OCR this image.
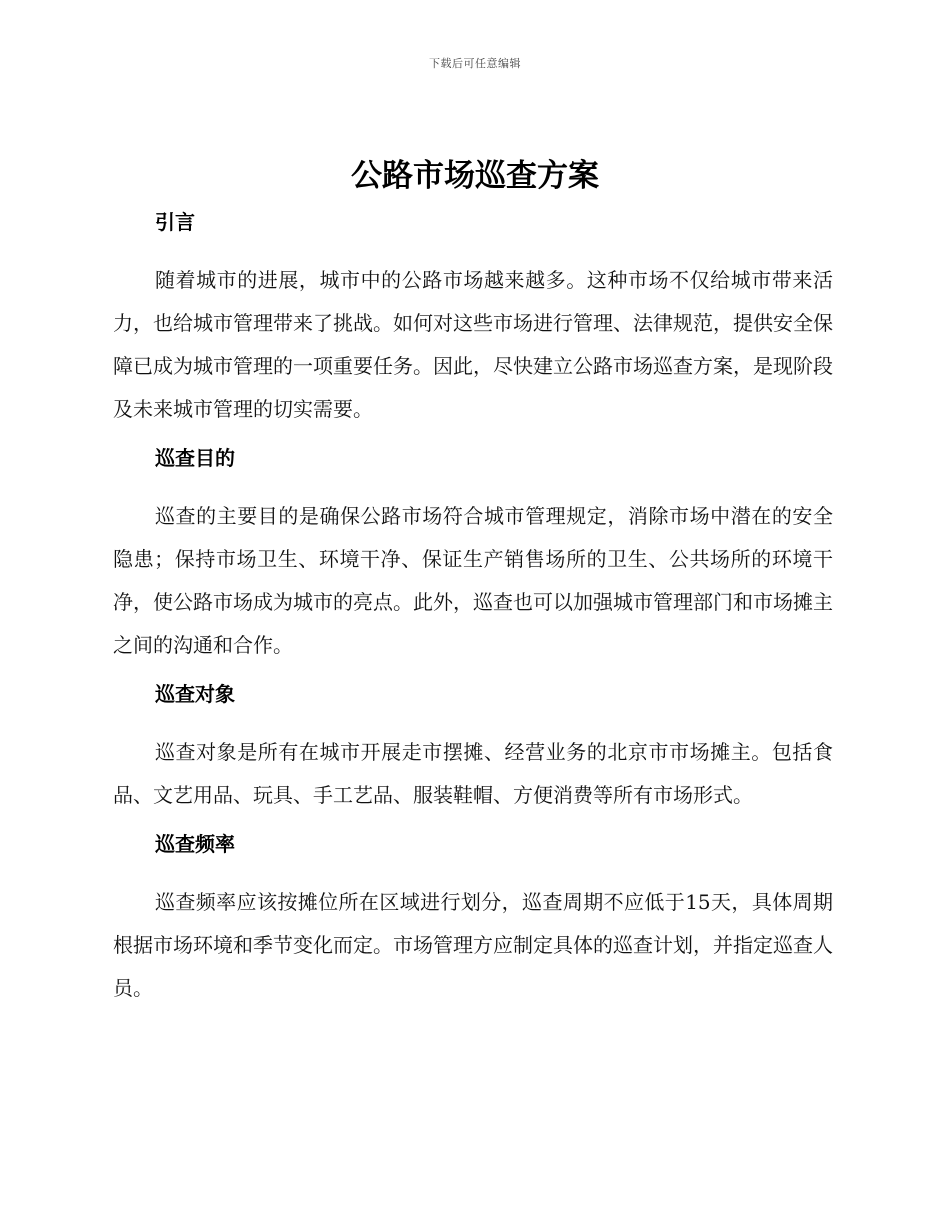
下载后可任意编辑
公路市场巡查方案
引言

随着城市的进展，城市中的公路市场越来越多。这种市场不仅给城市带来活力，也给城市管理带来了挑战。如何对这些市场进行管理、法律规范，提供安全保障已成为城市管理的一项重要任务。因此，尽快建立公路市场巡查方案，是现阶段及未来城市管理的切实需要。

巡查目的

巡查的主要目的是确保公路市场符合城市管理规定，消除市场中潜在的安全隐患；保持市场卫生、环境干净、保证生产销售场所的卫生、公共场所的环境干净，使公路市场成为城市的亮点。此外，巡查也可以加强城市管理部门和市场摊主之间的沟通和合作。

巡查对象

巡查对象是所有在城市开展走市摆摊、经营业务的北京市市场摊主。包括食品、文艺用品、玩具、手工艺品、服装鞋帽、方便消费等所有市场形式。

巡查频率

巡查频率应该按摊位所在区域进行划分，巡查周期不应低于15天，具体周期根据市场环境和季节变化而定。市场管理方应制定具体的巡查计划，并指定巡查人员。
